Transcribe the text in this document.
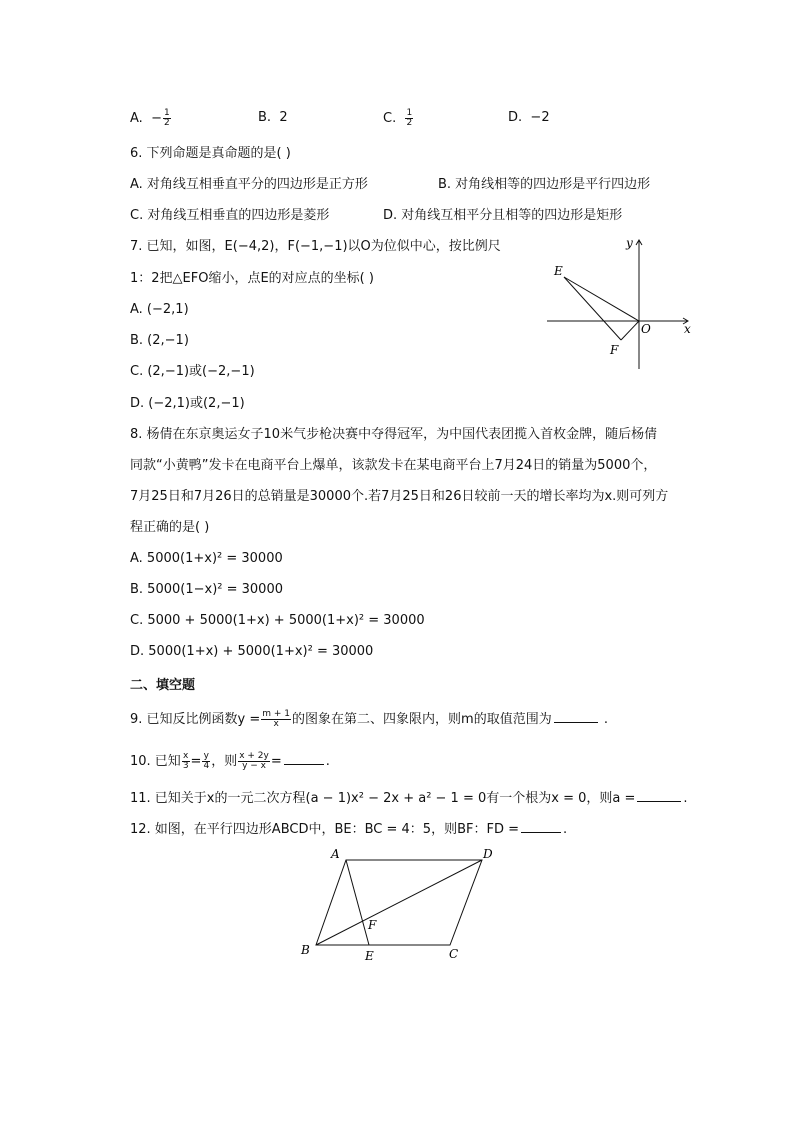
A. − $\frac{1}{2}$	B. 2	C. $\frac{1}{2}$	D. −2
6. 下列命题是真命题的是( )
A. 对角线互相垂直平分的四边形是正方形	B. 对角线相等的四边形是平行四边形
C. 对角线互相垂直的四边形是菱形	D. 对角线互相平分且相等的四边形是矩形
7. 已知，如图，E(−4,2)，F(−1,−1)以O为位似中心，按比例尺
1：2把△EFO缩小，点E的对应点的坐标( )
A. (−2,1)
B. (2,−1)
C. (2,−1)或(−2,−1)
D. (−2,1)或(2,−1)
E
F
O	x
y
8. 杨倩在东京奥运女子10米气步枪决赛中夺得冠军，为中国代表团揽入首枚金牌，随后杨倩
同款“小黄鸭”发卡在电商平台上爆单，该款发卡在某电商平台上7月24日的销量为5000个，
7月25日和7月26日的总销量是30000个.若7月25日和26日较前一天的增长率均为x.则可列方
程正确的是( )
A. 5000(1+x)² = 30000
B. 5000(1−x)² = 30000
C. 5000 + 5000(1+x) + 5000(1+x)² = 30000
D. 5000(1+x) + 5000(1+x)² = 30000
二、填空题
9. 已知反比例函数$y = \frac{m + 1}{x}$ 的图象在第二、四象限内，则m的取值范围为	.
10. 已知 $\frac{x}{3} = \frac{y}{4}$ ，则 $\frac{x + 2y}{y - x}$ =	.
11. 已知关于x的一元二次方程(a − 1)x² − 2x + a² − 1 = 0有一个根为x = 0，则a =	.
12. 如图，在平行四边形ABCD中，BE：BC = 4：5，则BF：FD =	.
A	D
B	E	C
F
